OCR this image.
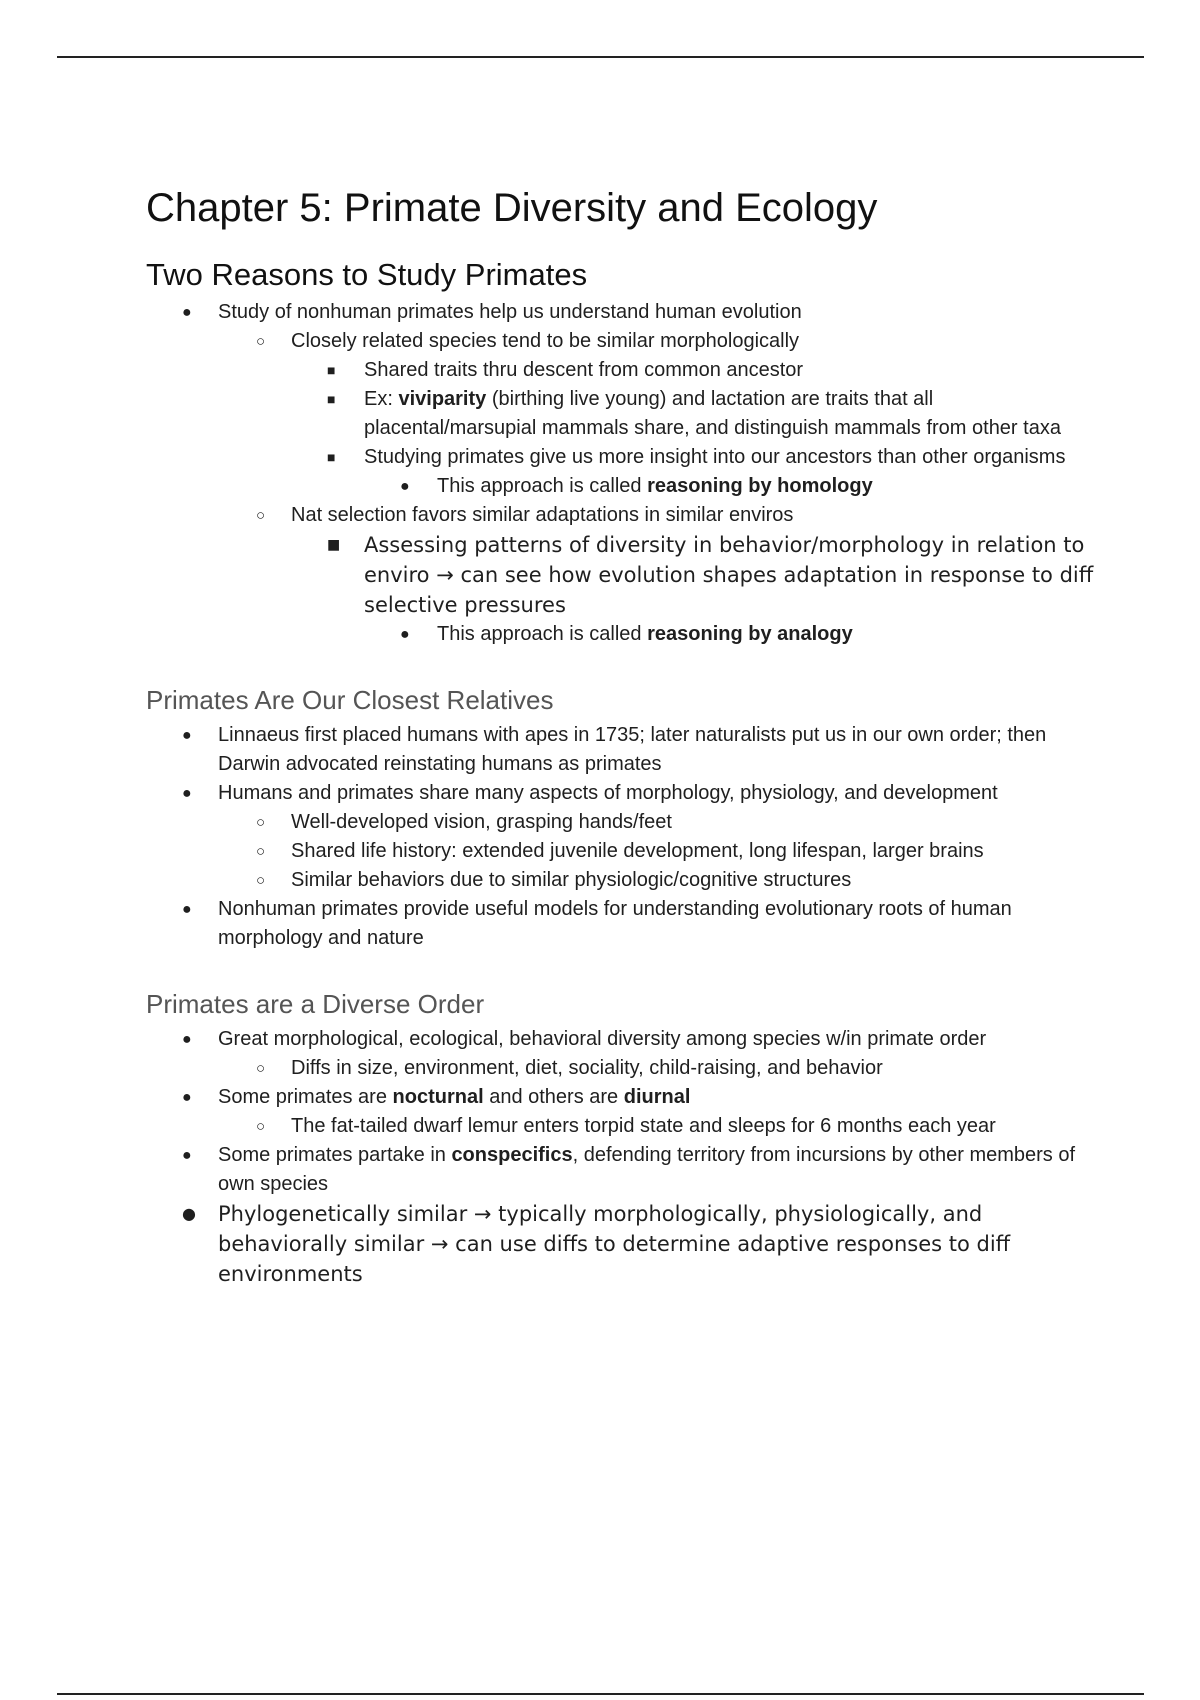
Chapter 5: Primate Diversity and Ecology
Two Reasons to Study Primates
● Study of nonhuman primates help us understand human evolution
○ Closely related species tend to be similar morphologically
■ Shared traits thru descent from common ancestor
■ Ex: viviparity (birthing live young) and lactation are traits that all placental/marsupial mammals share, and distinguish mammals from other taxa
■ Studying primates give us more insight into our ancestors than other organisms
● This approach is called reasoning by homology
○ Nat selection favors similar adaptations in similar enviros
■ Assessing patterns of diversity in behavior/morphology in relation to enviro → can see how evolution shapes adaptation in response to diff selective pressures
● This approach is called reasoning by analogy
Primates Are Our Closest Relatives
● Linnaeus first placed humans with apes in 1735; later naturalists put us in our own order; then Darwin advocated reinstating humans as primates
● Humans and primates share many aspects of morphology, physiology, and development
○ Well-developed vision, grasping hands/feet
○ Shared life history: extended juvenile development, long lifespan, larger brains
○ Similar behaviors due to similar physiologic/cognitive structures
● Nonhuman primates provide useful models for understanding evolutionary roots of human morphology and nature
Primates are a Diverse Order
● Great morphological, ecological, behavioral diversity among species w/in primate order
○ Diffs in size, environment, diet, sociality, child-raising, and behavior
● Some primates are nocturnal and others are diurnal
○ The fat-tailed dwarf lemur enters torpid state and sleeps for 6 months each year
● Some primates partake in conspecifics, defending territory from incursions by other members of own species
● Phylogenetically similar → typically morphologically, physiologically, and behaviorally similar → can use diffs to determine adaptive responses to diff environments
